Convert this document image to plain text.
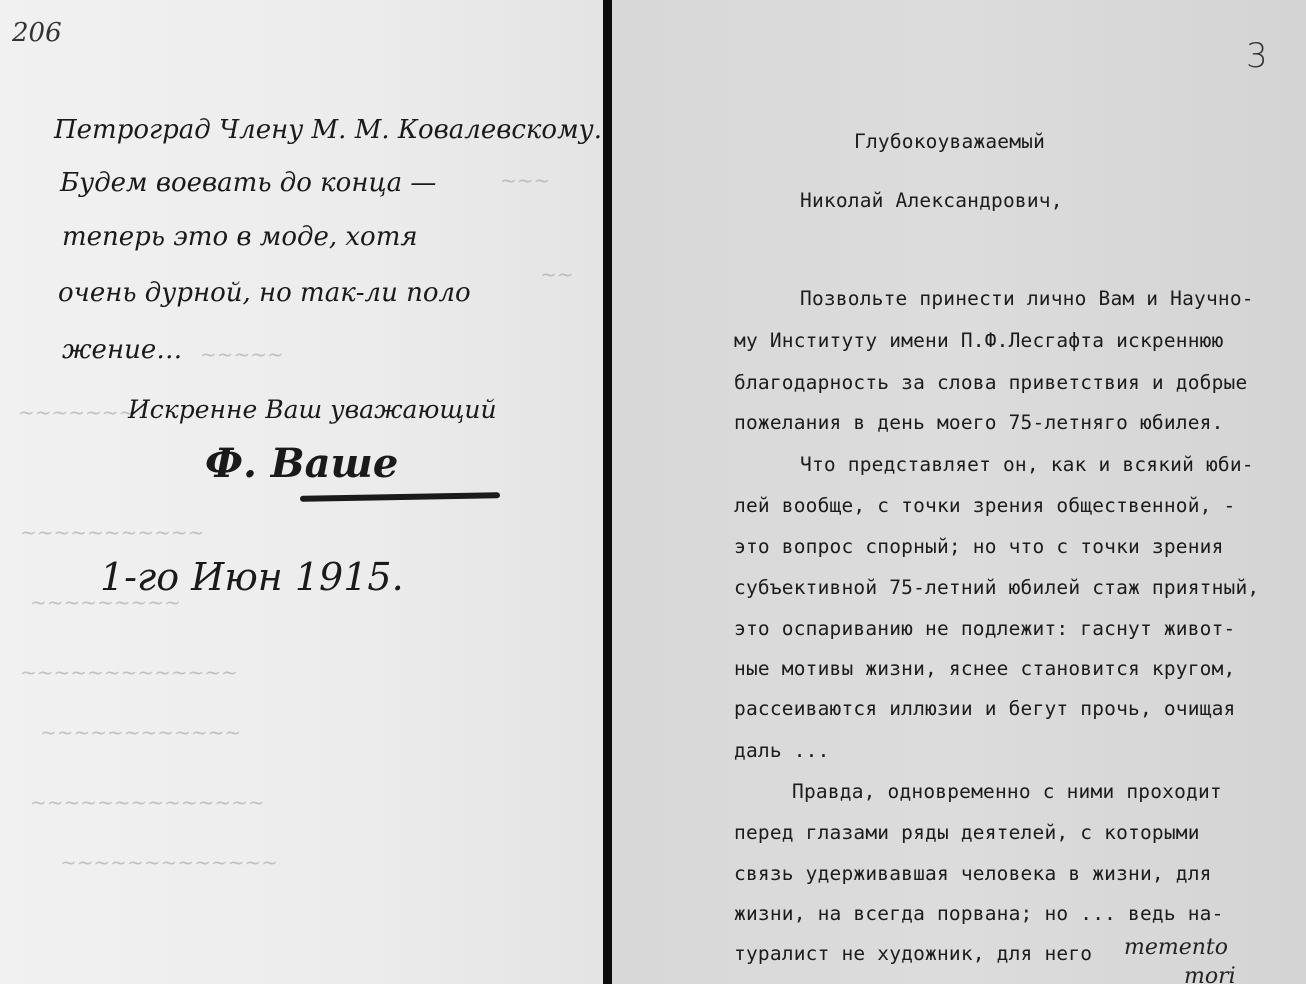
206
~~~
~~
~~~~~
~~~~~~~
~~~~~~~~~~~
~~~~~~~~~
~~~~~~~~~~~~~
~~~~~~~~~~~~
~~~~~~~~~~~~~~
~~~~~~~~~~~~~
Петроград Члену М. М. Ковалевскому.
Будем воевать до конца —
теперь это в моде, хотя
очень дурной, но так-ли поло
жение…
Искренне Ваш уважающий
Ф. Ваше
1-го Июн 1915.
3
Глубокоуважаемый
Николай Александрович,
Позвольте принести лично Вам и Научно-
му Институту имени П.Ф.Лесгафта искреннюю
благодарность за слова приветствия и добрые
пожелания в день моего 75-летняго юбилея.
Что представляет он, как и всякий юби-
лей вообще, с точки зрения общественной, -
это вопрос спорный; но что с точки зрения
субъективной 75-летний юбилей стаж приятный,
это оспариванию не подлежит: гаснут живот-
ные мотивы жизни, яснее становится кругом,
рассеиваются иллюзии и бегут прочь, очищая
даль ...
Правда, одновременно с ними проходит
перед глазами ряды деятелей, с которыми
связь удерживавшая человека в жизни, для
жизни, на всегда порвана; но ... ведь на-
туралист не художник, для него memento
mori
